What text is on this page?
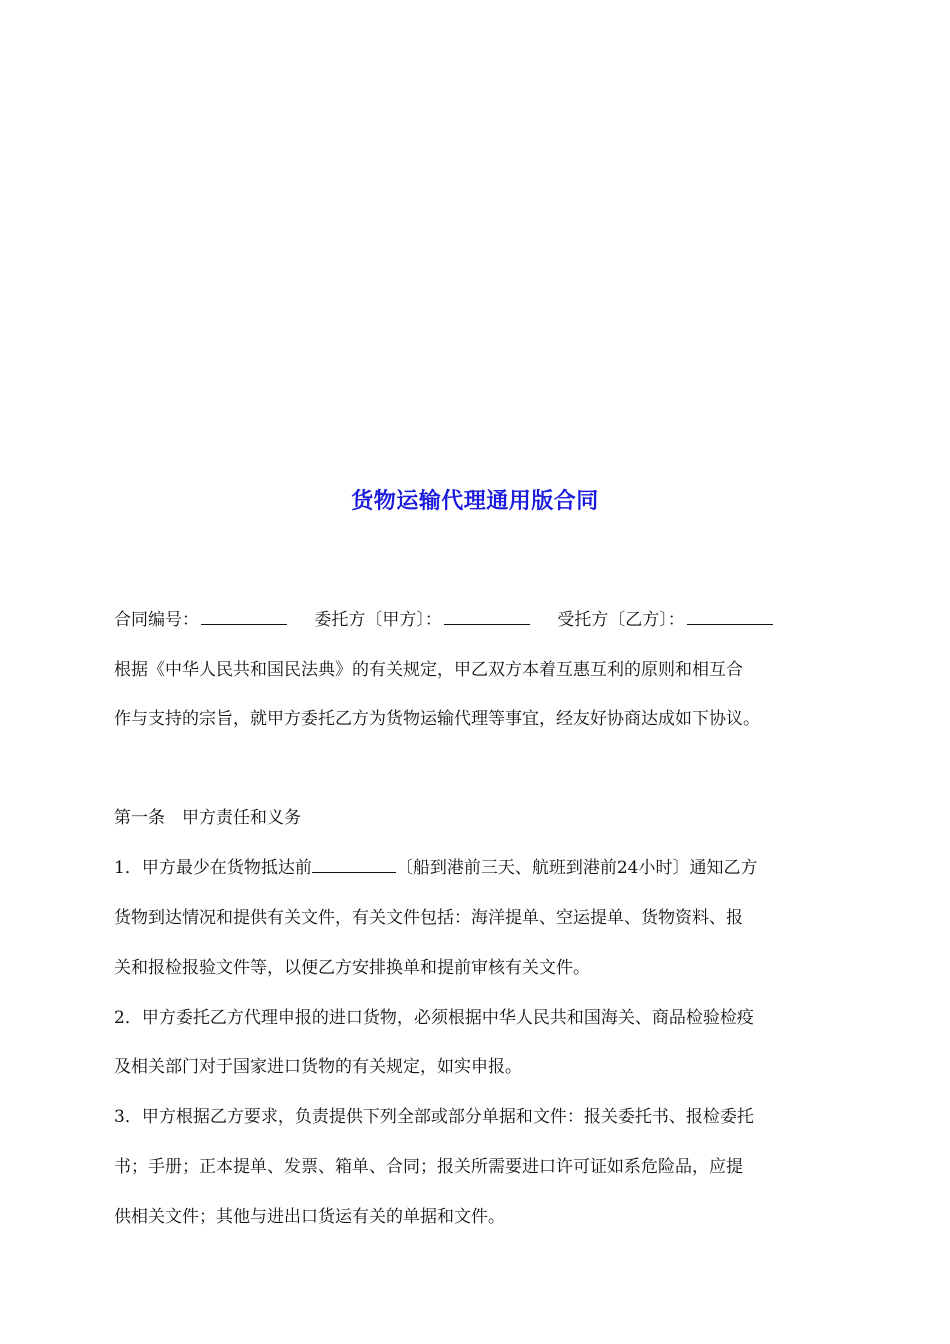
货物运输代理通用版合同
合同编号：	委托方〔甲方〕：	受托方〔乙方〕：
根据《中华人民共和国民法典》的有关规定，甲乙双方本着互惠互利的原则和相互合
作与支持的宗旨，就甲方委托乙方为货物运输代理等事宜，经友好协商达成如下协议。
第一条　甲方责任和义务
1．甲方最少在货物抵达前	〔船到港前三天、航班到港前24小时〕通知乙方
货物到达情况和提供有关文件，有关文件包括：海洋提单、空运提单、货物资料、报
关和报检报验文件等，以便乙方安排换单和提前审核有关文件。
2．甲方委托乙方代理申报的进口货物，必须根据中华人民共和国海关、商品检验检疫
及相关部门对于国家进口货物的有关规定，如实申报。
3．甲方根据乙方要求，负责提供下列全部或部分单据和文件：报关委托书、报检委托
书；手册；正本提单、发票、箱单、合同；报关所需要进口许可证如系危险品，应提
供相关文件；其他与进出口货运有关的单据和文件。
